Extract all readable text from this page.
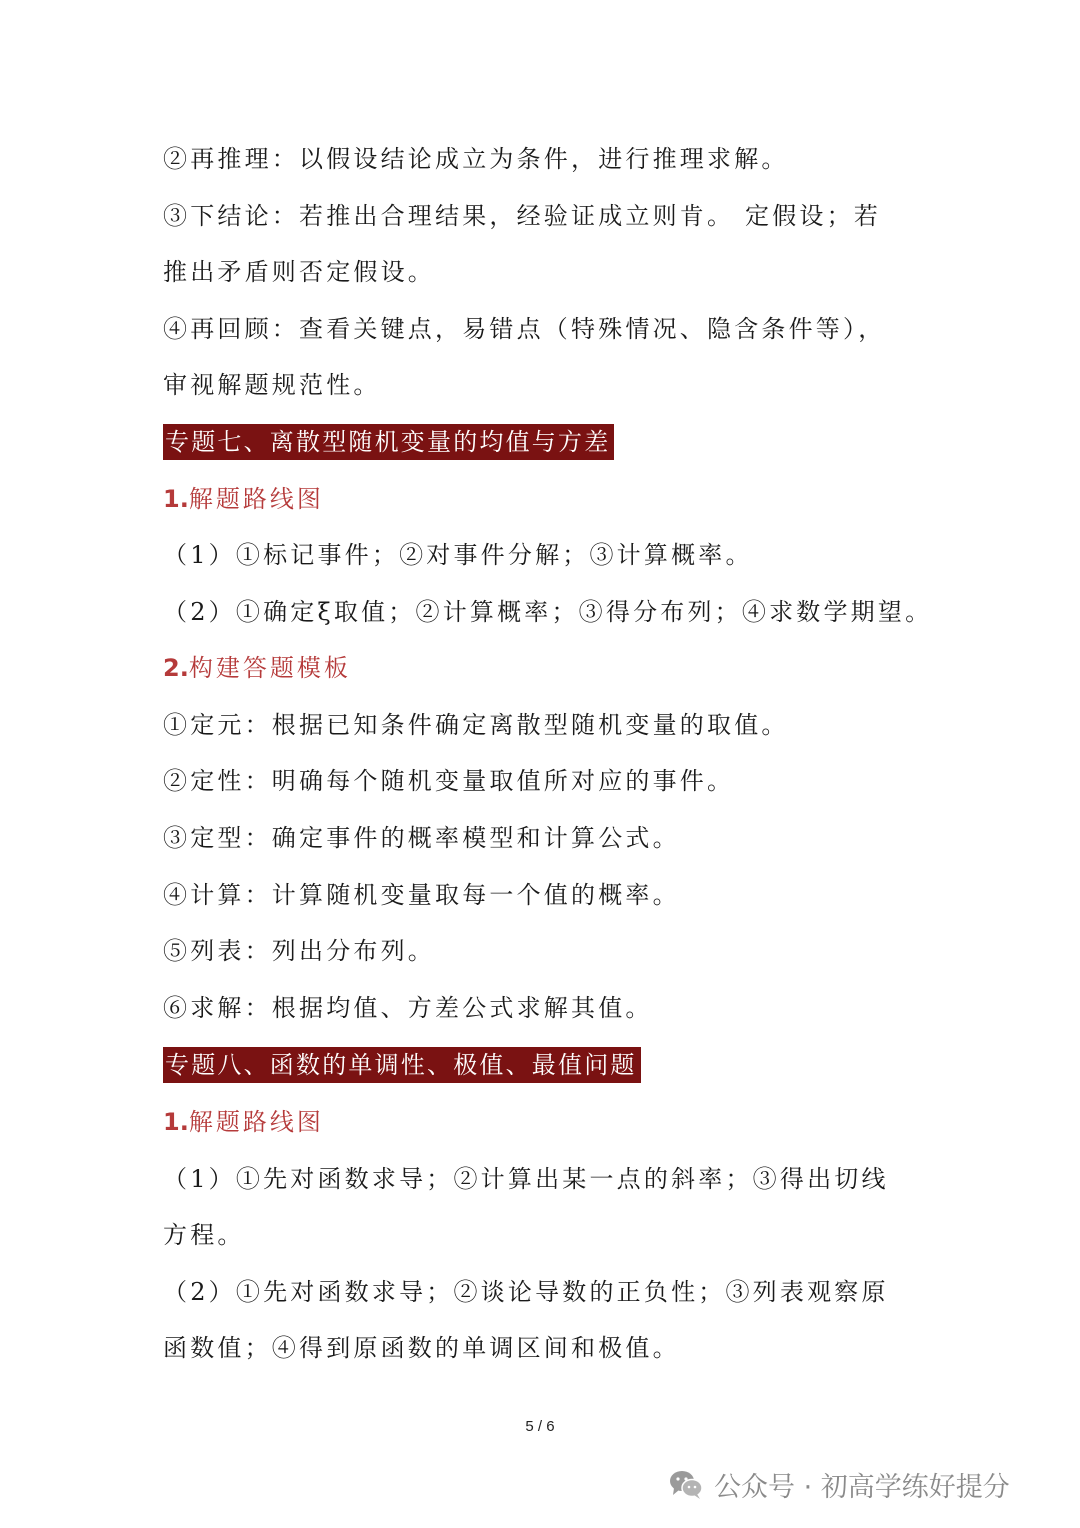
②再推理：以假设结论成立为条件，进行推理求解。
③下结论：若推出合理结果，经验证成立则肯。 定假设；若
推出矛盾则否定假设。
④再回顾：查看关键点，易错点（特殊情况、隐含条件等），
审视解题规范性。
专题七、离散型随机变量的均值与方差
1.解题路线图
（1）①标记事件；②对事件分解；③计算概率。
（2）①确定ξ取值；②计算概率；③得分布列；④求数学期望。
2.构建答题模板
①定元：根据已知条件确定离散型随机变量的取值。
②定性：明确每个随机变量取值所对应的事件。
③定型：确定事件的概率模型和计算公式。
④计算：计算随机变量取每一个值的概率。
⑤列表：列出分布列。
⑥求解：根据均值、方差公式求解其值。
专题八、函数的单调性、极值、最值问题
1.解题路线图
（1）①先对函数求导；②计算出某一点的斜率；③得出切线
方程。
（2）①先对函数求导；②谈论导数的正负性；③列表观察原
函数值；④得到原函数的单调区间和极值。
5 / 6
公众号 · 初高学练好提分
